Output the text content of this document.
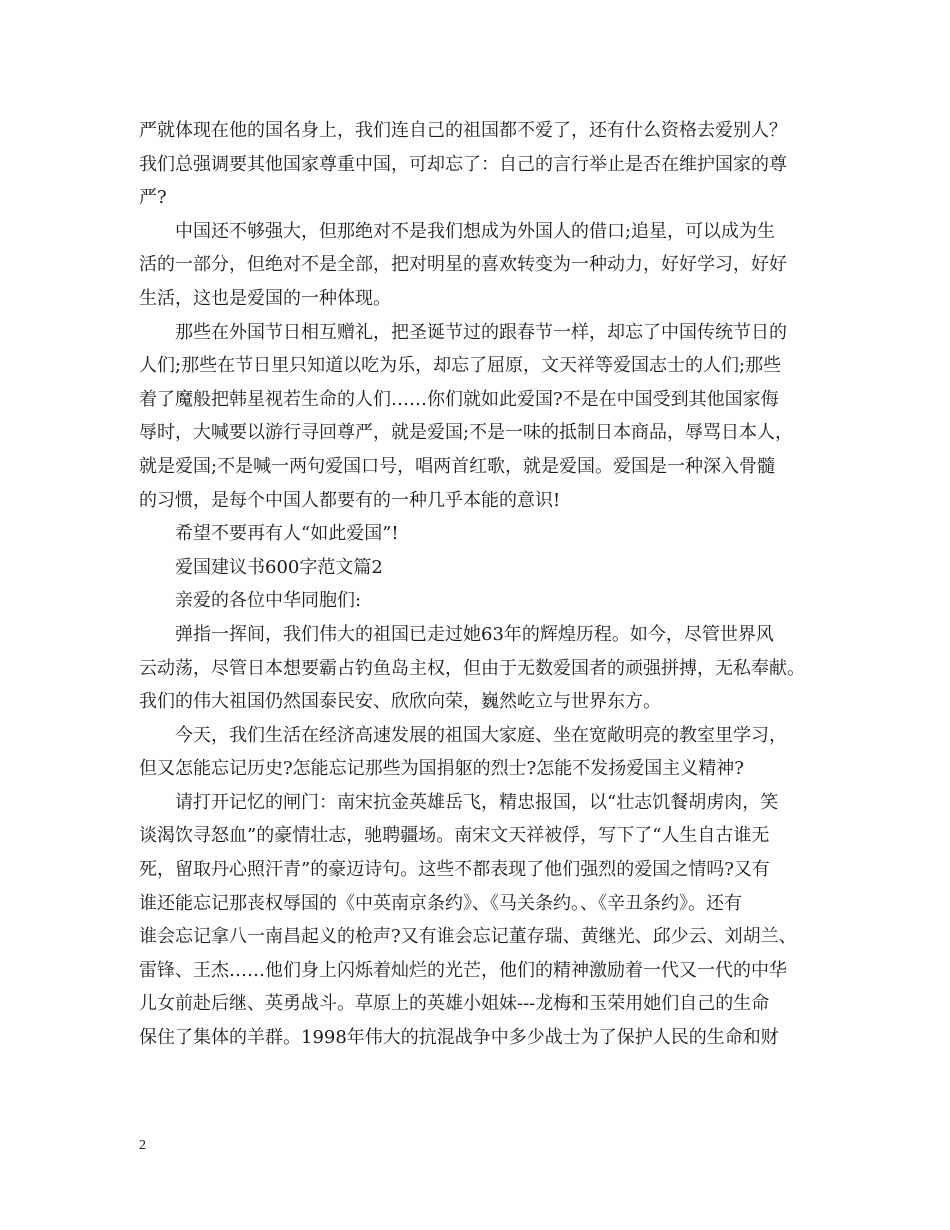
严就体现在他的国名身上，我们连自己的祖国都不爱了，还有什么资格去爱别人？
我们总强调要其他国家尊重中国，可却忘了：自己的言行举止是否在维护国家的尊
严?
中国还不够强大，但那绝对不是我们想成为外国人的借口;追星，可以成为生
活的一部分，但绝对不是全部，把对明星的喜欢转变为一种动力，好好学习，好好
生活，这也是爱国的一种体现。
那些在外国节日相互赠礼，把圣诞节过的跟春节一样，却忘了中国传统节日的
人们;那些在节日里只知道以吃为乐，却忘了屈原，文天祥等爱国志士的人们;那些
着了魔般把韩星视若生命的人们……你们就如此爱国?不是在中国受到其他国家侮
辱时，大喊要以游行寻回尊严，就是爱国;不是一味的抵制日本商品，辱骂日本人，
就是爱国;不是喊一两句爱国口号，唱两首红歌，就是爱国。爱国是一种深入骨髓
的习惯，是每个中国人都要有的一种几乎本能的意识!
希望不要再有人“如此爱国”!
爱国建议书600字范文篇2
亲爱的各位中华同胞们:
弹指一挥间，我们伟大的祖国已走过她63年的辉煌历程。如今，尽管世界风
云动荡，尽管日本想要霸占钓鱼岛主权，但由于无数爱国者的顽强拼搏，无私奉献。
我们的伟大祖国仍然国泰民安、欣欣向荣，巍然屹立与世界东方。
今天，我们生活在经济高速发展的祖国大家庭、坐在宽敞明亮的教室里学习，
但又怎能忘记历史?怎能忘记那些为国捐躯的烈士?怎能不发扬爱国主义精神?
请打开记忆的闸门：南宋抗金英雄岳飞，精忠报国，以“壮志饥餐胡虏肉，笑
谈渴饮寻怒血”的豪情壮志，驰聘疆场。南宋文天祥被俘，写下了“人生自古谁无
死，留取丹心照汗青”的豪迈诗句。这些不都表现了他们强烈的爱国之情吗?又有
谁还能忘记那丧权辱国的《中英南京条约》、《马关条约。、《辛丑条约》。还有
谁会忘记拿八一南昌起义的枪声?又有谁会忘记董存瑞、黄继光、邱少云、刘胡兰、
雷锋、王杰……他们身上闪烁着灿烂的光芒，他们的精神激励着一代又一代的中华
儿女前赴后继、英勇战斗。草原上的英雄小姐妹---龙梅和玉荣用她们自己的生命
保住了集体的羊群。1998年伟大的抗混战争中多少战士为了保护人民的生命和财
2
